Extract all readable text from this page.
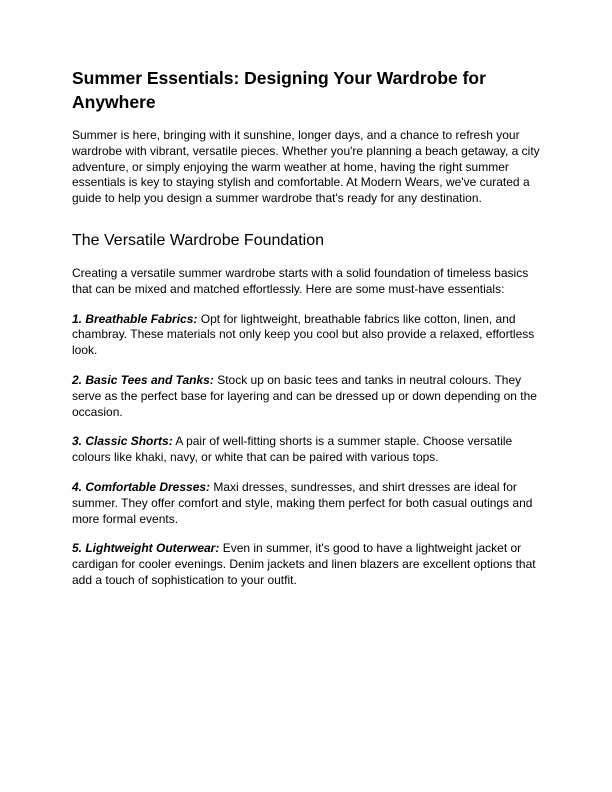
Summer Essentials: Designing Your Wardrobe for Anywhere

Summer is here, bringing with it sunshine, longer days, and a chance to refresh your wardrobe with vibrant, versatile pieces. Whether you're planning a beach getaway, a city adventure, or simply enjoying the warm weather at home, having the right summer essentials is key to staying stylish and comfortable. At Modern Wears, we've curated a guide to help you design a summer wardrobe that's ready for any destination.

The Versatile Wardrobe Foundation

Creating a versatile summer wardrobe starts with a solid foundation of timeless basics that can be mixed and matched effortlessly. Here are some must-have essentials:

1. Breathable Fabrics: Opt for lightweight, breathable fabrics like cotton, linen, and chambray. These materials not only keep you cool but also provide a relaxed, effortless look.

2. Basic Tees and Tanks: Stock up on basic tees and tanks in neutral colours. They serve as the perfect base for layering and can be dressed up or down depending on the occasion.

3. Classic Shorts: A pair of well-fitting shorts is a summer staple. Choose versatile colours like khaki, navy, or white that can be paired with various tops.

4. Comfortable Dresses: Maxi dresses, sundresses, and shirt dresses are ideal for summer. They offer comfort and style, making them perfect for both casual outings and more formal events.

5. Lightweight Outerwear: Even in summer, it's good to have a lightweight jacket or cardigan for cooler evenings. Denim jackets and linen blazers are excellent options that add a touch of sophistication to your outfit.
